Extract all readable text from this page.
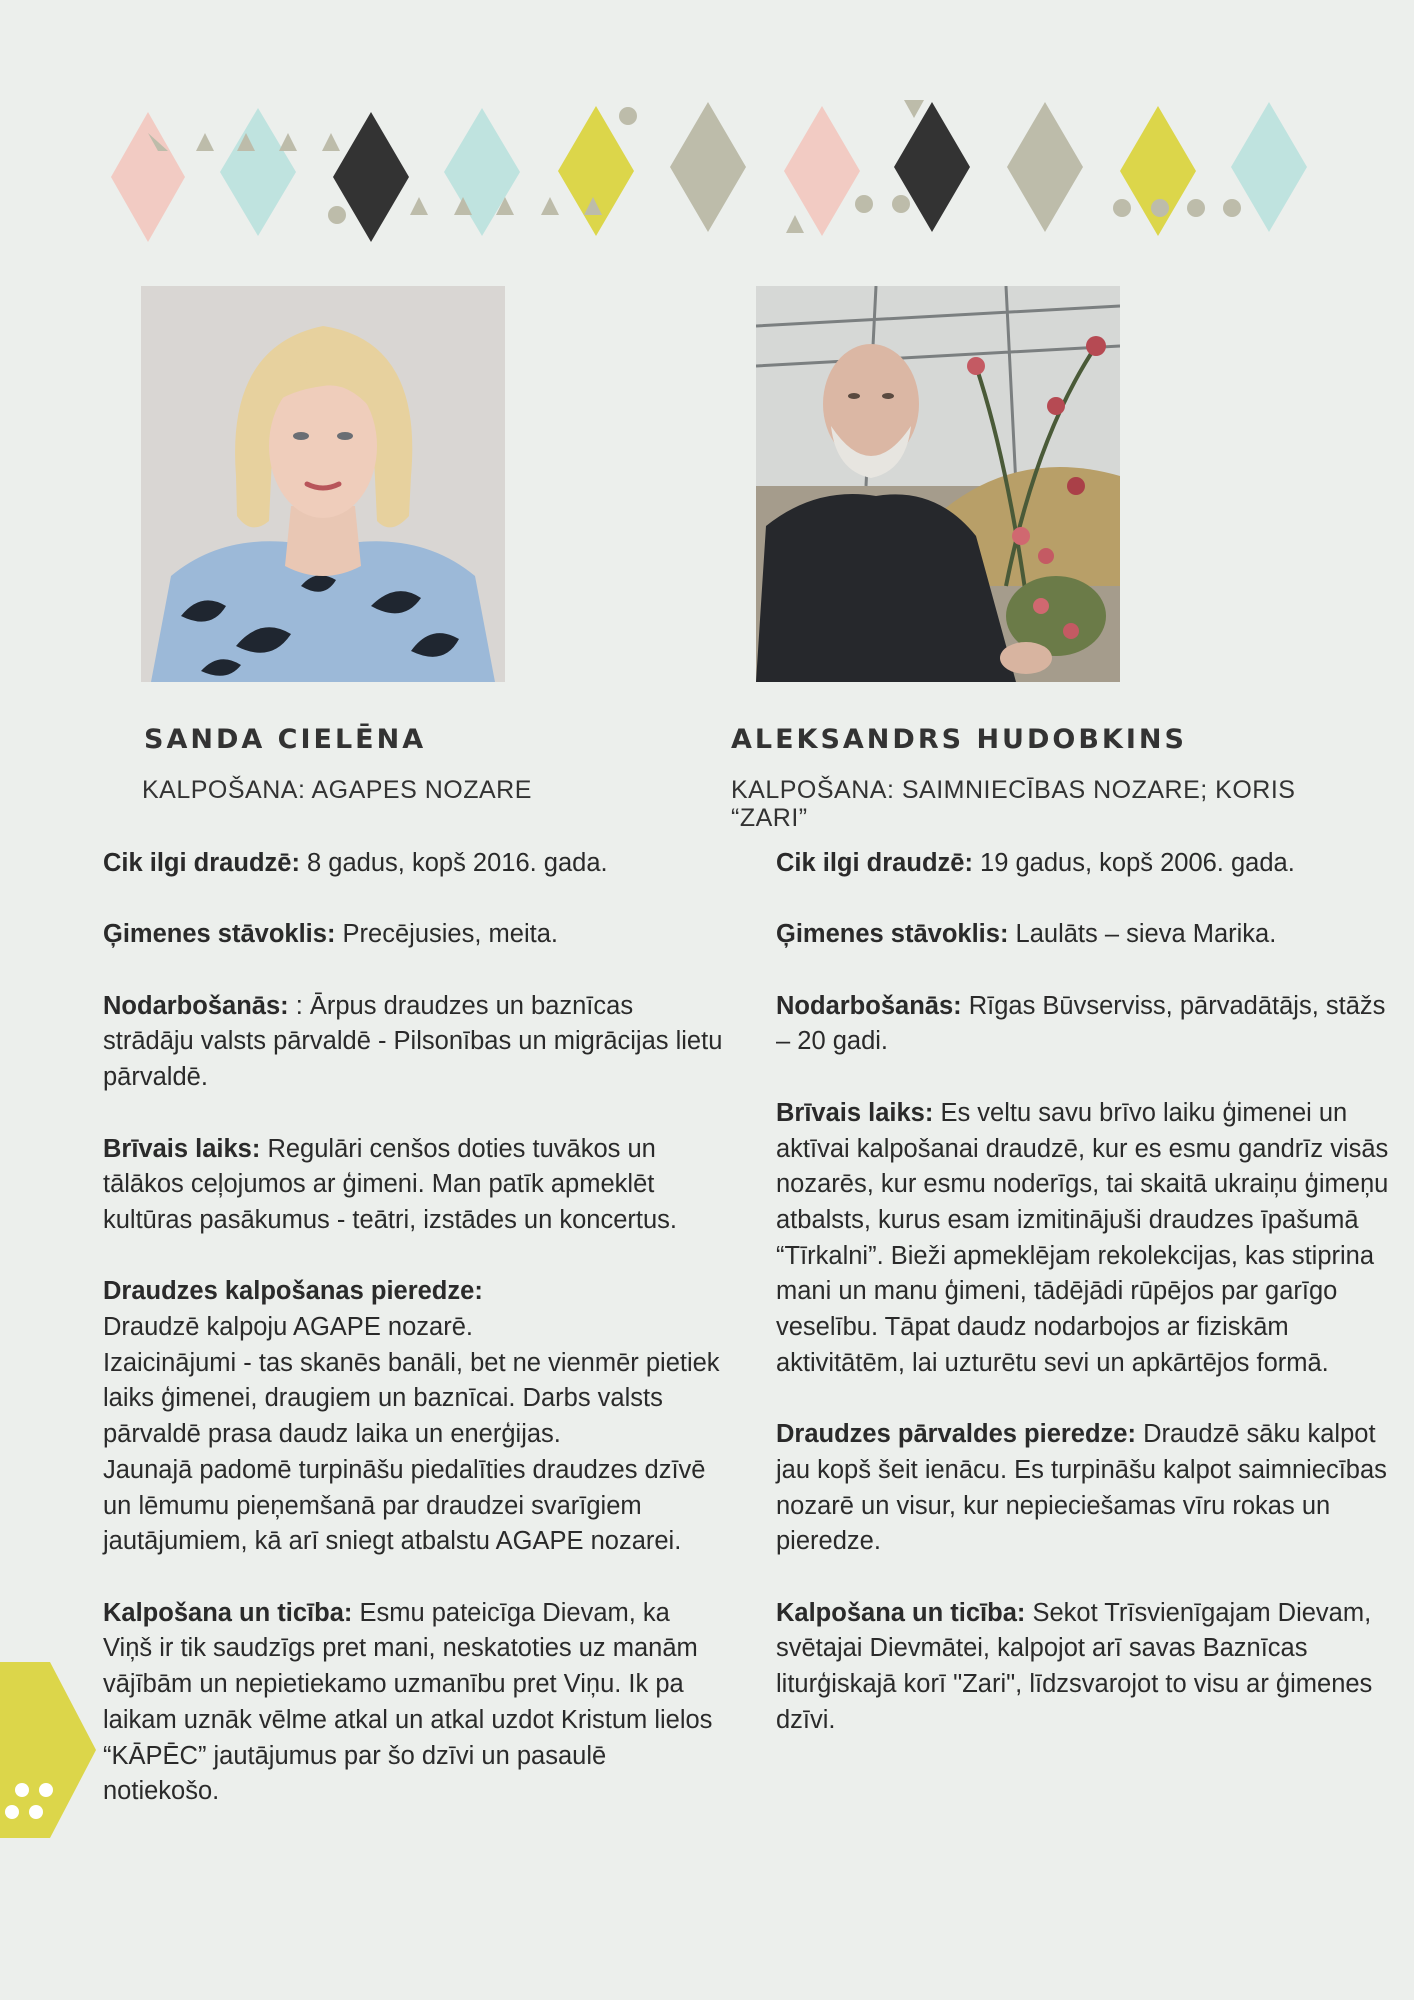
SANDA CIELĒNA
KALPOŠANA: AGAPES NOZARE
ALEKSANDRS HUDOBKINS
KALPOŠANA: SAIMNIECĪBAS NOZARE; KORIS
“ZARI”

Cik ilgi draudzē: 8 gadus, kopš 2016. gada.

Ģimenes stāvoklis: Precējusies, meita.

Nodarbošanās: : Ārpus draudzes un baznīcas strādāju valsts pārvaldē - Pilsonības un migrācijas lietu pārvaldē.

Brīvais laiks: Regulāri cenšos doties tuvākos un tālākos ceļojumos ar ģimeni. Man patīk apmeklēt kultūras pasākumus - teātri, izstādes un koncertus.

Draudzes kalpošanas pieredze:
Draudzē kalpoju AGAPE nozarē.
Izaicinājumi - tas skanēs banāli, bet ne vienmēr pietiek laiks ģimenei, draugiem un baznīcai. Darbs valsts pārvaldē prasa daudz laika un enerģijas.
Jaunajā padomē turpināšu piedalīties draudzes dzīvē un lēmumu pieņemšanā par draudzei svarīgiem jautājumiem, kā arī sniegt atbalstu AGAPE nozarei.

Kalpošana un ticība: Esmu pateicīga Dievam, ka Viņš ir tik saudzīgs pret mani, neskatoties uz manām vājībām un nepietiekamo uzmanību pret Viņu. Ik pa laikam uznāk vēlme atkal un atkal uzdot Kristum lielos “KĀPĒC” jautājumus par šo dzīvi un pasaulē notiekošo.

Cik ilgi draudzē: 19 gadus, kopš 2006. gada.

Ģimenes stāvoklis: Laulāts – sieva Marika.

Nodarbošanās: Rīgas Būvserviss, pārvadātājs, stāžs – 20 gadi.

Brīvais laiks: Es veltu savu brīvo laiku ģimenei un aktīvai kalpošanai draudzē, kur es esmu gandrīz visās nozarēs, kur esmu noderīgs, tai skaitā ukraiņu ģimeņu atbalsts, kurus esam izmitinājuši draudzes īpašumā “Tīrkalni”. Bieži apmeklējam rekolekcijas, kas stiprina mani un manu ģimeni, tādējādi rūpējos par garīgo veselību. Tāpat daudz nodarbojos ar fiziskām aktivitātēm, lai uzturētu sevi un apkārtējos formā.

Draudzes pārvaldes pieredze: Draudzē sāku kalpot jau kopš šeit ienācu. Es turpināšu kalpot saimniecības nozarē un visur, kur nepieciešamas vīru rokas un pieredze.

Kalpošana un ticība: Sekot Trīsvienīgajam Dievam, svētajai Dievmātei, kalpojot arī savas Baznīcas liturģiskajā korī "Zari", līdzsvarojot to visu ar ģimenes dzīvi.
